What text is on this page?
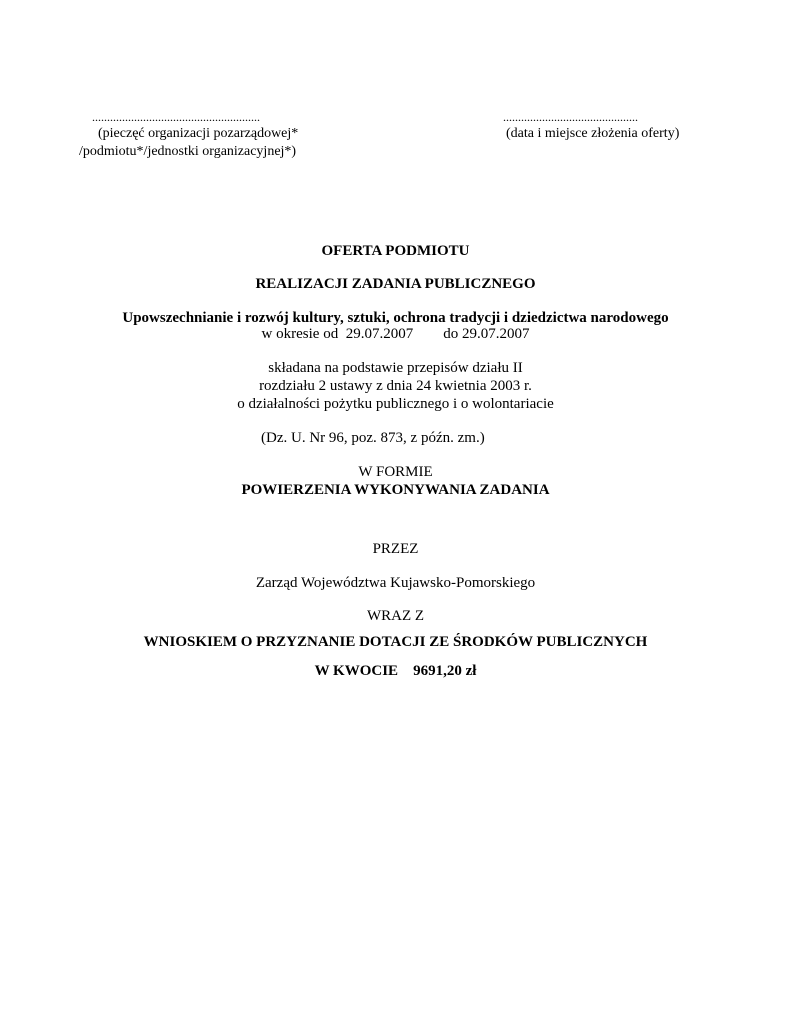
........................................................
(pieczęć organizacji pozarządowej*
/podmiotu*/jednostki organizacyjnej*)
.............................................
(data i miejsce złożenia oferty)
OFERTA PODMIOTU
REALIZACJI ZADANIA PUBLICZNEGO
Upowszechnianie i rozwój kultury, sztuki, ochrona tradycji i dziedzictwa narodowego
w okresie od 29.07.2007 do 29.07.2007
składana na podstawie przepisów działu II
rozdziału 2 ustawy z dnia 24 kwietnia 2003 r.
o działalności pożytku publicznego i o wolontariacie
(Dz. U. Nr 96, poz. 873, z późn. zm.)
W FORMIE
POWIERZENIA WYKONYWANIA ZADANIA
PRZEZ
Zarząd Województwa Kujawsko-Pomorskiego
WRAZ Z
WNIOSKIEM O PRZYZNANIE DOTACJI ZE ŚRODKÓW PUBLICZNYCH
W KWOCIE 9691,20 zł
